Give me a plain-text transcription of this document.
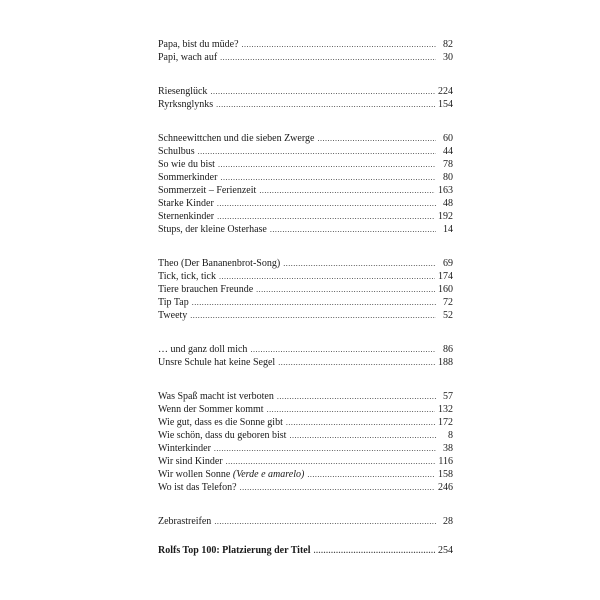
Papa, bist du müde? .....	82
Papi, wach auf .....	30
Riesenglück .....	224
Ryrksnglynks .....	154
Schneewittchen und die sieben Zwerge .....	60
Schulbus .....	44
So wie du bist .....	78
Sommerkinder .....	80
Sommerzeit – Ferienzeit .....	163
Starke Kinder .....	48
Sternenkinder .....	192
Stups, der kleine Osterhase .....	14
Theo (Der Bananenbrot-Song) .....	69
Tick, tick, tick .....	174
Tiere brauchen Freunde .....	160
Tip Tap .....	72
Tweety .....	52
… und ganz doll mich .....	86
Unsre Schule hat keine Segel .....	188
Was Spaß macht ist verboten .....	57
Wenn der Sommer kommt .....	132
Wie gut, dass es die Sonne gibt .....	172
Wie schön, dass du geboren bist .....	8
Winterkinder .....	38
Wir sind Kinder .....	116
Wir wollen Sonne (Verde e amarelo) .....	158
Wo ist das Telefon? .....	246
Zebrastreifen .....	28
Rolfs Top 100: Platzierung der Titel .....	254
